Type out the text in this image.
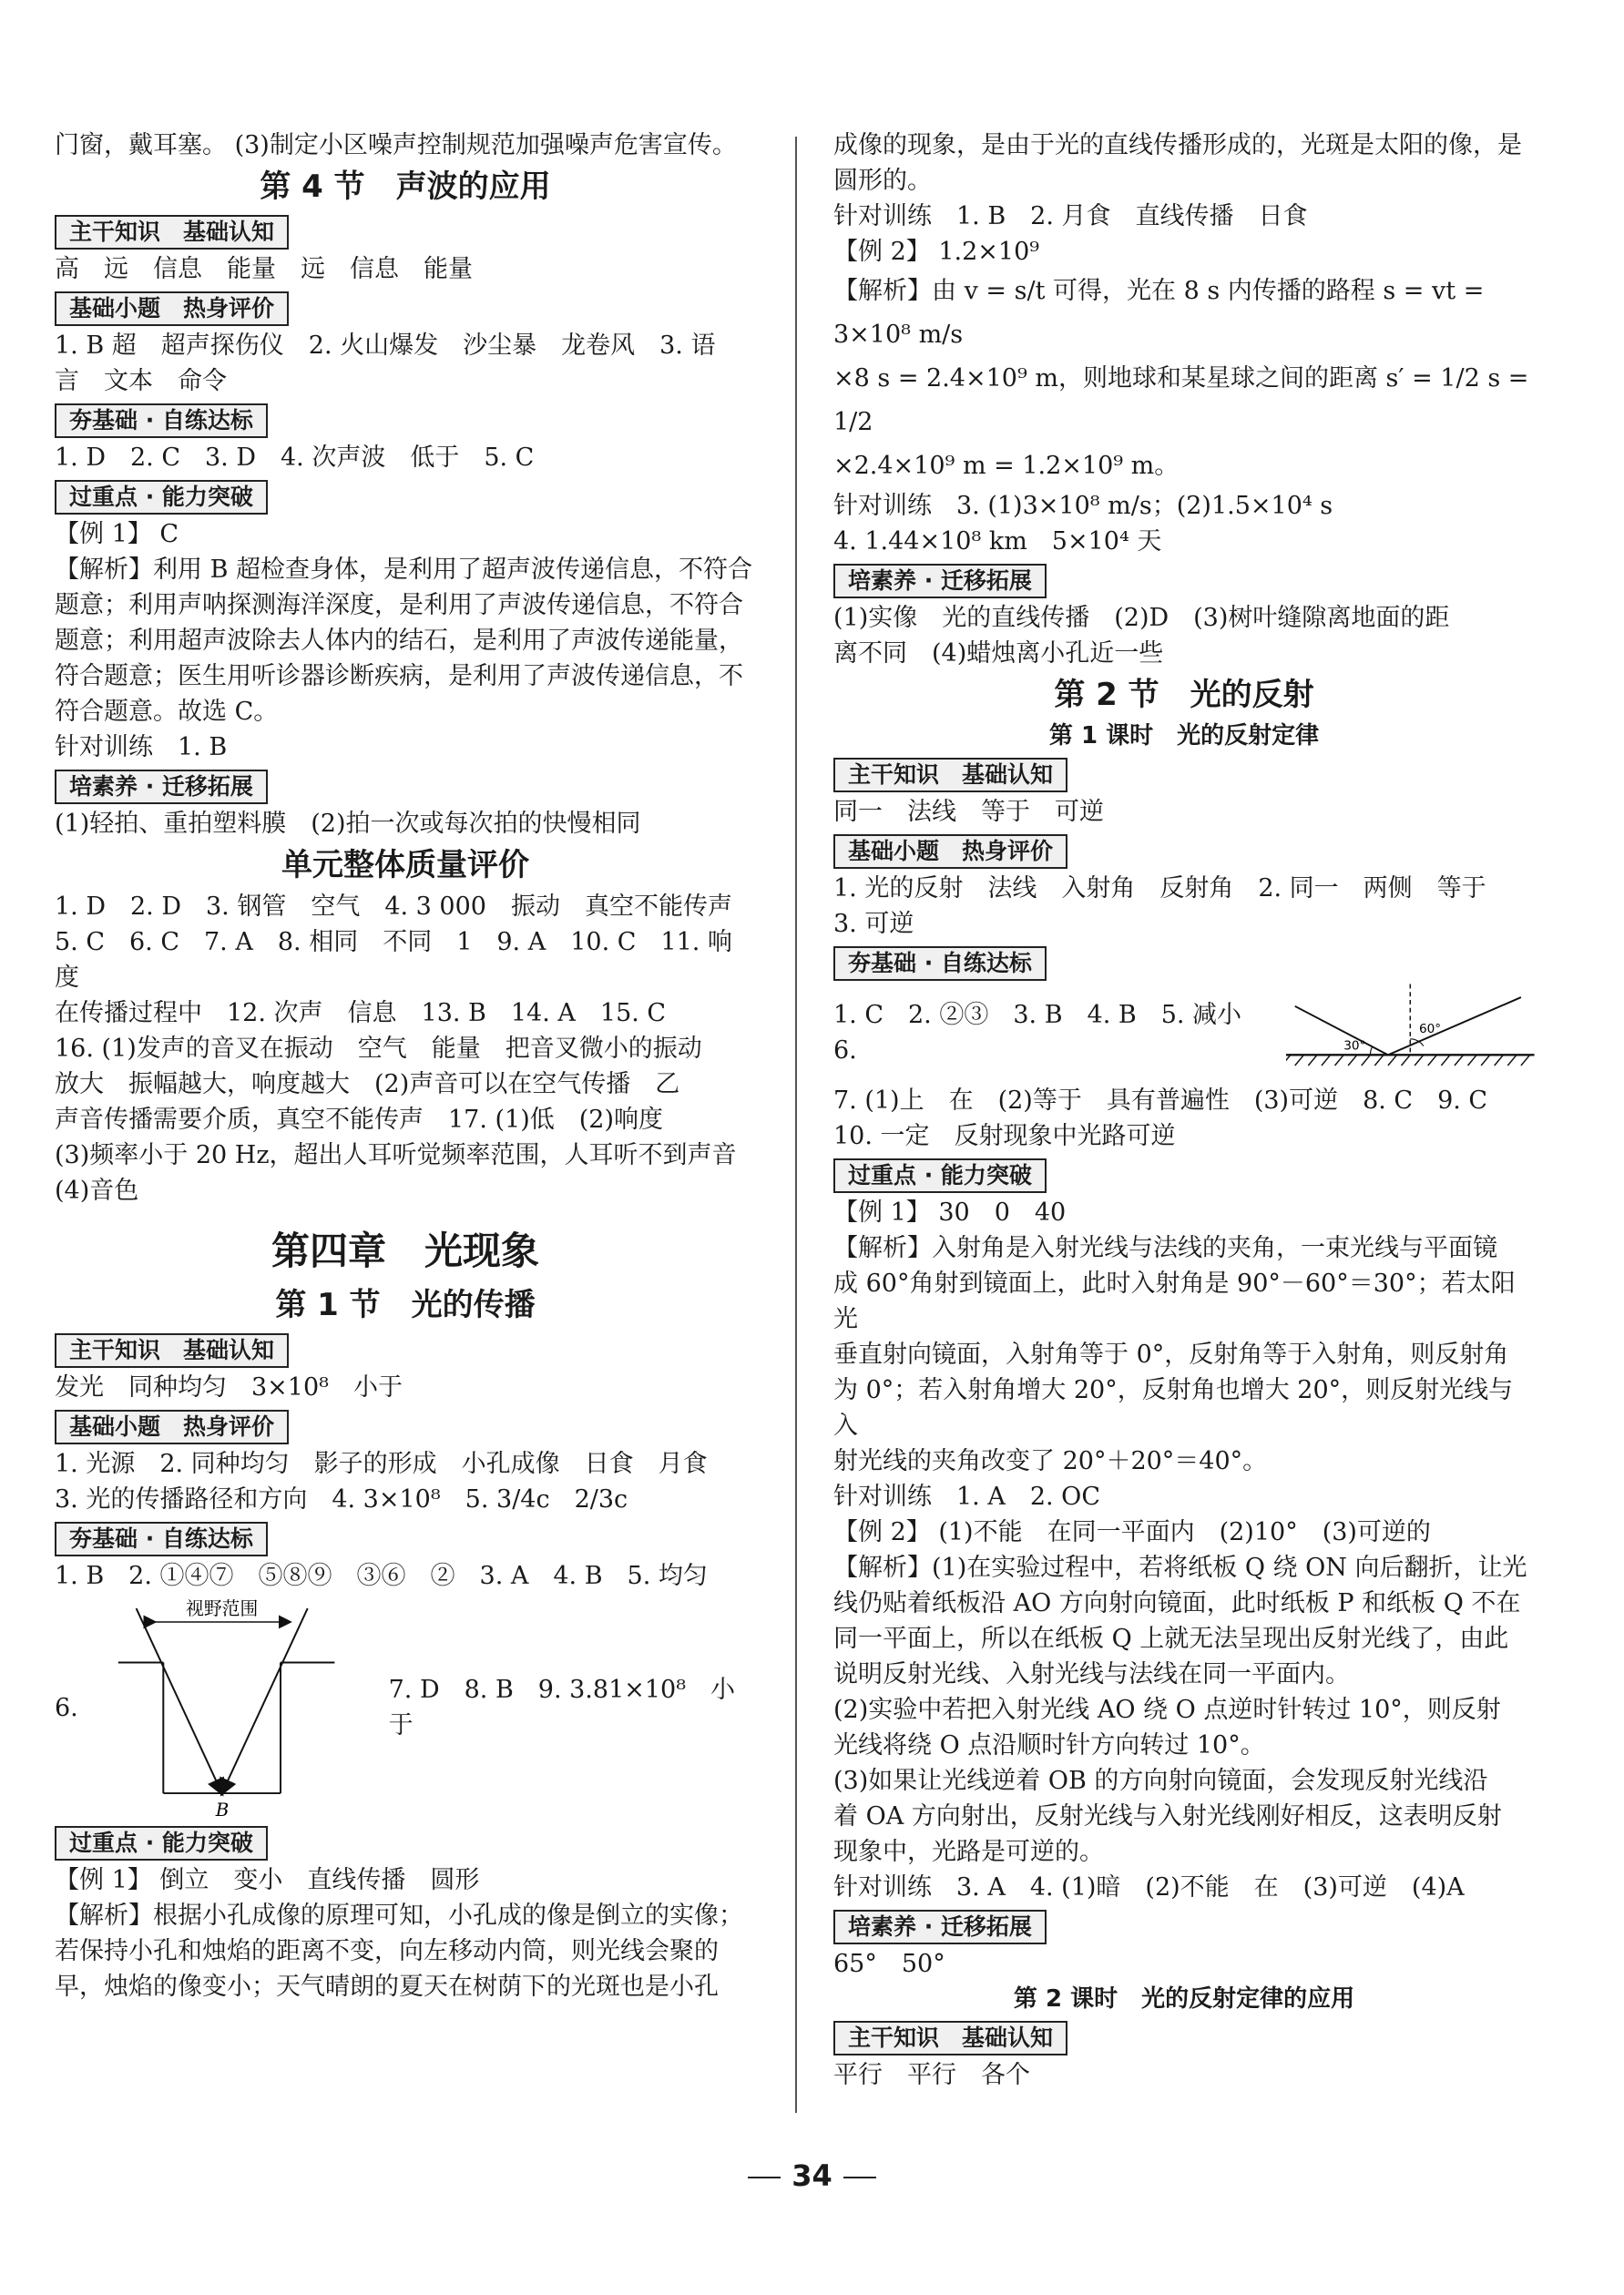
门窗，戴耳塞。 (3)制定小区噪声控制规范加强噪声危害宣传。

第 4 节　声波的应用
主干知识　基础认知

高　远　信息　能量　远　信息　能量

基础小题　热身评价

1. B 超　超声探伤仪　2. 火山爆发　沙尘暴　龙卷风　3. 语

言　文本　命令

夯基础 · 自练达标

1. D　2. C　3. D　4. 次声波　低于　5. C

过重点 · 能力突破

【例 1】 C

【解析】利用 B 超检查身体，是利用了超声波传递信息，不符合

题意；利用声呐探测海洋深度，是利用了声波传递信息，不符合

题意；利用超声波除去人体内的结石，是利用了声波传递能量，

符合题意；医生用听诊器诊断疾病，是利用了声波传递信息，不

符合题意。故选 C。

针对训练　1. B

培素养 · 迁移拓展

(1)轻拍、重拍塑料膜　(2)拍一次或每次拍的快慢相同

单元整体质量评价

1. D　2. D　3. 钢管　空气　4. 3 000　振动　真空不能传声

5. C　6. C　7. A　8. 相同　不同　1　9. A　10. C　11. 响度

在传播过程中　12. 次声　信息　13. B　14. A　15. C

16. (1)发声的音叉在振动　空气　能量　把音叉微小的振动

放大　振幅越大，响度越大　(2)声音可以在空气传播　乙

声音传播需要介质，真空不能传声　17. (1)低　(2)响度

(3)频率小于 20 Hz，超出人耳听觉频率范围，人耳听不到声音

(4)音色

第四章　光现象
第 1 节　光的传播
主干知识　基础认知

发光　同种均匀　3×10⁸　小于

基础小题　热身评价

1. 光源　2. 同种均匀　影子的形成　小孔成像　日食　月食

3. 光的传播路径和方向　4. 3×10⁸　5. 3/4c　2/3c

夯基础 · 自练达标

1. B　2. ①④⑦　⑤⑧⑨　③⑥　②　3. A　4. B　5. 均匀

6.
视野范围
B
7. D　8. B　9. 3.81×10⁸　小于
过重点 · 能力突破

【例 1】 倒立　变小　直线传播　圆形

【解析】根据小孔成像的原理可知，小孔成的像是倒立的实像；

若保持小孔和烛焰的距离不变，向左移动内筒，则光线会聚的

早，烛焰的像变小；天气晴朗的夏天在树荫下的光斑也是小孔

成像的现象，是由于光的直线传播形成的，光斑是太阳的像，是

圆形的。

针对训练　1. B　2. 月食　直线传播　日食

【例 2】 1.2×10⁹

【解析】由 v = s/t 可得，光在 8 s 内传播的路程 s = vt = 3×10⁸ m/s

×8 s = 2.4×10⁹ m，则地球和某星球之间的距离 s′ = 1/2 s = 1/2

×2.4×10⁹ m = 1.2×10⁹ m。

针对训练　3. (1)3×10⁸ m/s；(2)1.5×10⁴ s

4. 1.44×10⁸ km　5×10⁴ 天

培素养 · 迁移拓展

(1)实像　光的直线传播　(2)D　(3)树叶缝隙离地面的距

离不同　(4)蜡烛离小孔近一些

第 2 节　光的反射
第 1 课时　光的反射定律
主干知识　基础认知

同一　法线　等于　可逆

基础小题　热身评价

1. 光的反射　法线　入射角　反射角　2. 同一　两侧　等于

3. 可逆

夯基础 · 自练达标
1. C　2. ②③　3. B　4. B　5. 减小　6.	30°
60°

7. (1)上　在　(2)等于　具有普遍性　(3)可逆　8. C　9. C

10. 一定　反射现象中光路可逆

过重点 · 能力突破

【例 1】 30　0　40

【解析】入射角是入射光线与法线的夹角，一束光线与平面镜

成 60°角射到镜面上，此时入射角是 90°－60°＝30°；若太阳光

垂直射向镜面，入射角等于 0°，反射角等于入射角，则反射角

为 0°；若入射角增大 20°，反射角也增大 20°，则反射光线与入

射光线的夹角改变了 20°＋20°＝40°。

针对训练　1. A　2. OC

【例 2】 (1)不能　在同一平面内　(2)10°　(3)可逆的

【解析】(1)在实验过程中，若将纸板 Q 绕 ON 向后翻折，让光

线仍贴着纸板沿 AO 方向射向镜面，此时纸板 P 和纸板 Q 不在

同一平面上，所以在纸板 Q 上就无法呈现出反射光线了，由此

说明反射光线、入射光线与法线在同一平面内。

(2)实验中若把入射光线 AO 绕 O 点逆时针转过 10°，则反射

光线将绕 O 点沿顺时针方向转过 10°。

(3)如果让光线逆着 OB 的方向射向镜面，会发现反射光线沿

着 OA 方向射出，反射光线与入射光线刚好相反，这表明反射

现象中，光路是可逆的。

针对训练　3. A　4. (1)暗　(2)不能　在　(3)可逆　(4)A

培素养 · 迁移拓展

65°　50°

第 2 课时　光的反射定律的应用
主干知识　基础认知

平行　平行　各个

34
